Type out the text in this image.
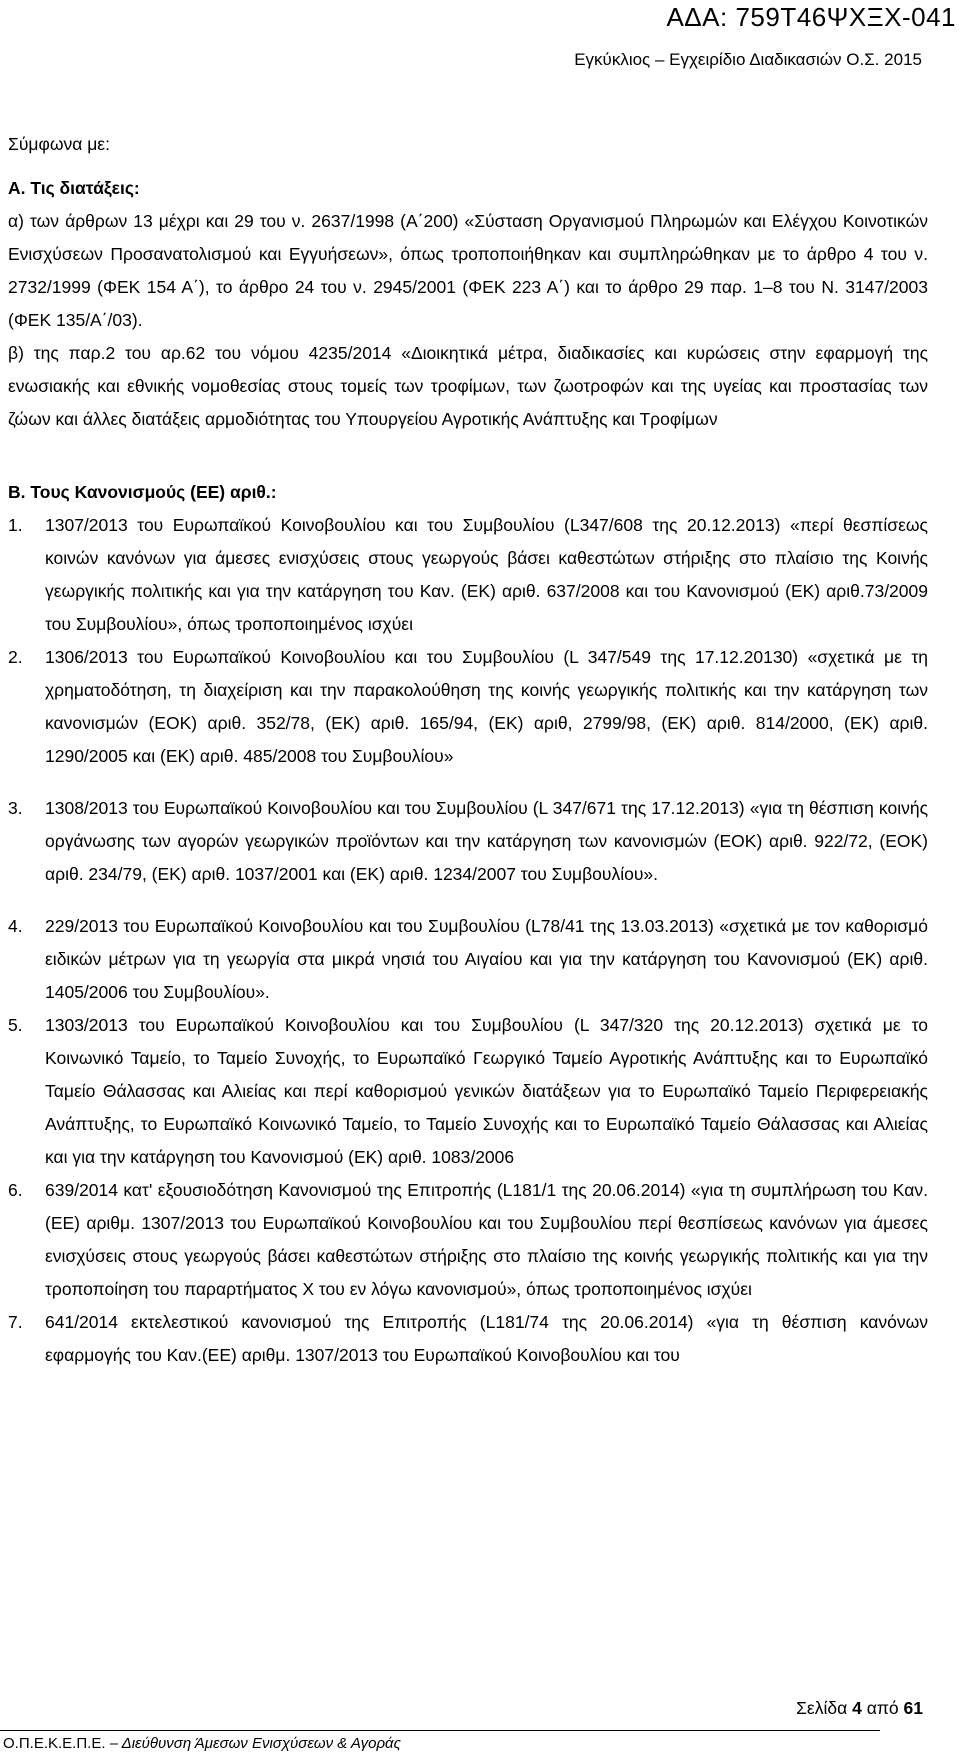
ΑΔΑ: 759Τ46ΨΧΞΧ-041
Εγκύκλιος – Εγχειρίδιο Διαδικασιών Ο.Σ. 2015

Σύμφωνα με:

Α. Τις διατάξεις:

α) των άρθρων 13 μέχρι και 29 του ν. 2637/1998 (Α΄200) «Σύσταση Οργανισμού Πληρωμών και Ελέγχου Κοινοτικών Ενισχύσεων Προσανατολισμού και Εγγυήσεων», όπως τροποποιήθηκαν και συμπληρώθηκαν με το άρθρο 4 του ν. 2732/1999 (ΦΕΚ 154 Α΄), το άρθρο 24 του ν. 2945/2001 (ΦΕΚ 223 Α΄) και το άρθρο 29 παρ. 1–8 του Ν. 3147/2003 (ΦΕΚ 135/Α΄/03).

β) της παρ.2 του αρ.62 του νόμου 4235/2014 «Διοικητικά μέτρα, διαδικασίες και κυρώσεις στην εφαρμογή της ενωσιακής και εθνικής νομοθεσίας στους τομείς των τροφίμων, των ζωοτροφών και της υγείας και προστασίας των ζώων και άλλες διατάξεις αρμοδιότητας του Υπουργείου Αγροτικής Ανάπτυξης και Τροφίμων

Β. Τους Κανονισμούς (ΕΕ) αριθ.:

1. 1307/2013 του Ευρωπαϊκού Κοινοβουλίου και του Συμβουλίου (L347/608 της 20.12.2013) «περί θεσπίσεως κοινών κανόνων για άμεσες ενισχύσεις στους γεωργούς βάσει καθεστώτων στήριξης στο πλαίσιο της Κοινής γεωργικής πολιτικής και για την κατάργηση του Καν. (ΕΚ) αριθ. 637/2008 και του Κανονισμού (ΕΚ) αριθ.73/2009 του Συμβουλίου», όπως τροποποιημένος ισχύει
2. 1306/2013 του Ευρωπαϊκού Κοινοβουλίου και του Συμβουλίου (L 347/549 της 17.12.20130) «σχετικά με τη χρηματοδότηση, τη διαχείριση και την παρακολούθηση της κοινής γεωργικής πολιτικής και την κατάργηση των κανονισμών (ΕΟΚ) αριθ. 352/78, (ΕΚ) αριθ. 165/94, (ΕΚ) αριθ, 2799/98, (ΕΚ) αριθ. 814/2000, (ΕΚ) αριθ. 1290/2005 και (ΕΚ) αριθ. 485/2008 του Συμβουλίου»
3. 1308/2013 του Ευρωπαϊκού Κοινοβουλίου και του Συμβουλίου (L 347/671 της 17.12.2013) «για τη θέσπιση κοινής οργάνωσης των αγορών γεωργικών προϊόντων και την κατάργηση των κανονισμών (ΕΟΚ) αριθ. 922/72, (ΕΟΚ) αριθ. 234/79, (ΕΚ) αριθ. 1037/2001 και (ΕΚ) αριθ. 1234/2007 του Συμβουλίου».
4. 229/2013 του Ευρωπαϊκού Κοινοβουλίου και του Συμβουλίου (L78/41 της 13.03.2013) «σχετικά με τον καθορισμό ειδικών μέτρων για τη γεωργία στα μικρά νησιά του Αιγαίου και για την κατάργηση του Κανονισμού (ΕΚ) αριθ. 1405/2006 του Συμβουλίου».
5. 1303/2013 του Ευρωπαϊκού Κοινοβουλίου και του Συμβουλίου (L 347/320 της 20.12.2013) σχετικά με το Κοινωνικό Ταμείο, το Ταμείο Συνοχής, το Ευρωπαϊκό Γεωργικό Ταμείο Αγροτικής Ανάπτυξης και το Ευρωπαϊκό Ταμείο Θάλασσας και Αλιείας και περί καθορισμού γενικών διατάξεων για το Ευρωπαϊκό Ταμείο Περιφερειακής Ανάπτυξης, το Ευρωπαϊκό Κοινωνικό Ταμείο, το Ταμείο Συνοχής και το Ευρωπαϊκό Ταμείο Θάλασσας και Αλιείας και για την κατάργηση του Κανονισμού (ΕΚ) αριθ. 1083/2006
6. 639/2014 κατ' εξουσιοδότηση Κανονισμού της Επιτροπής (L181/1 της 20.06.2014) «για τη συμπλήρωση του Καν.(ΕΕ) αριθμ. 1307/2013 του Ευρωπαϊκού Κοινοβουλίου και του Συμβουλίου περί θεσπίσεως κανόνων για άμεσες ενισχύσεις στους γεωργούς βάσει καθεστώτων στήριξης στο πλαίσιο της κοινής γεωργικής πολιτικής και για την τροποποίηση του παραρτήματος Χ του εν λόγω κανονισμού», όπως τροποποιημένος ισχύει
7. 641/2014 εκτελεστικού κανονισμού της Επιτροπής (L181/74 της 20.06.2014) «για τη θέσπιση κανόνων εφαρμογής του Καν.(ΕΕ) αριθμ. 1307/2013 του Ευρωπαϊκού Κοινοβουλίου και του
Σελίδα 4 από 61
Ο.Π.Ε.Κ.Ε.Π.Ε. – Διεύθυνση Άμεσων Ενισχύσεων & Αγοράς
